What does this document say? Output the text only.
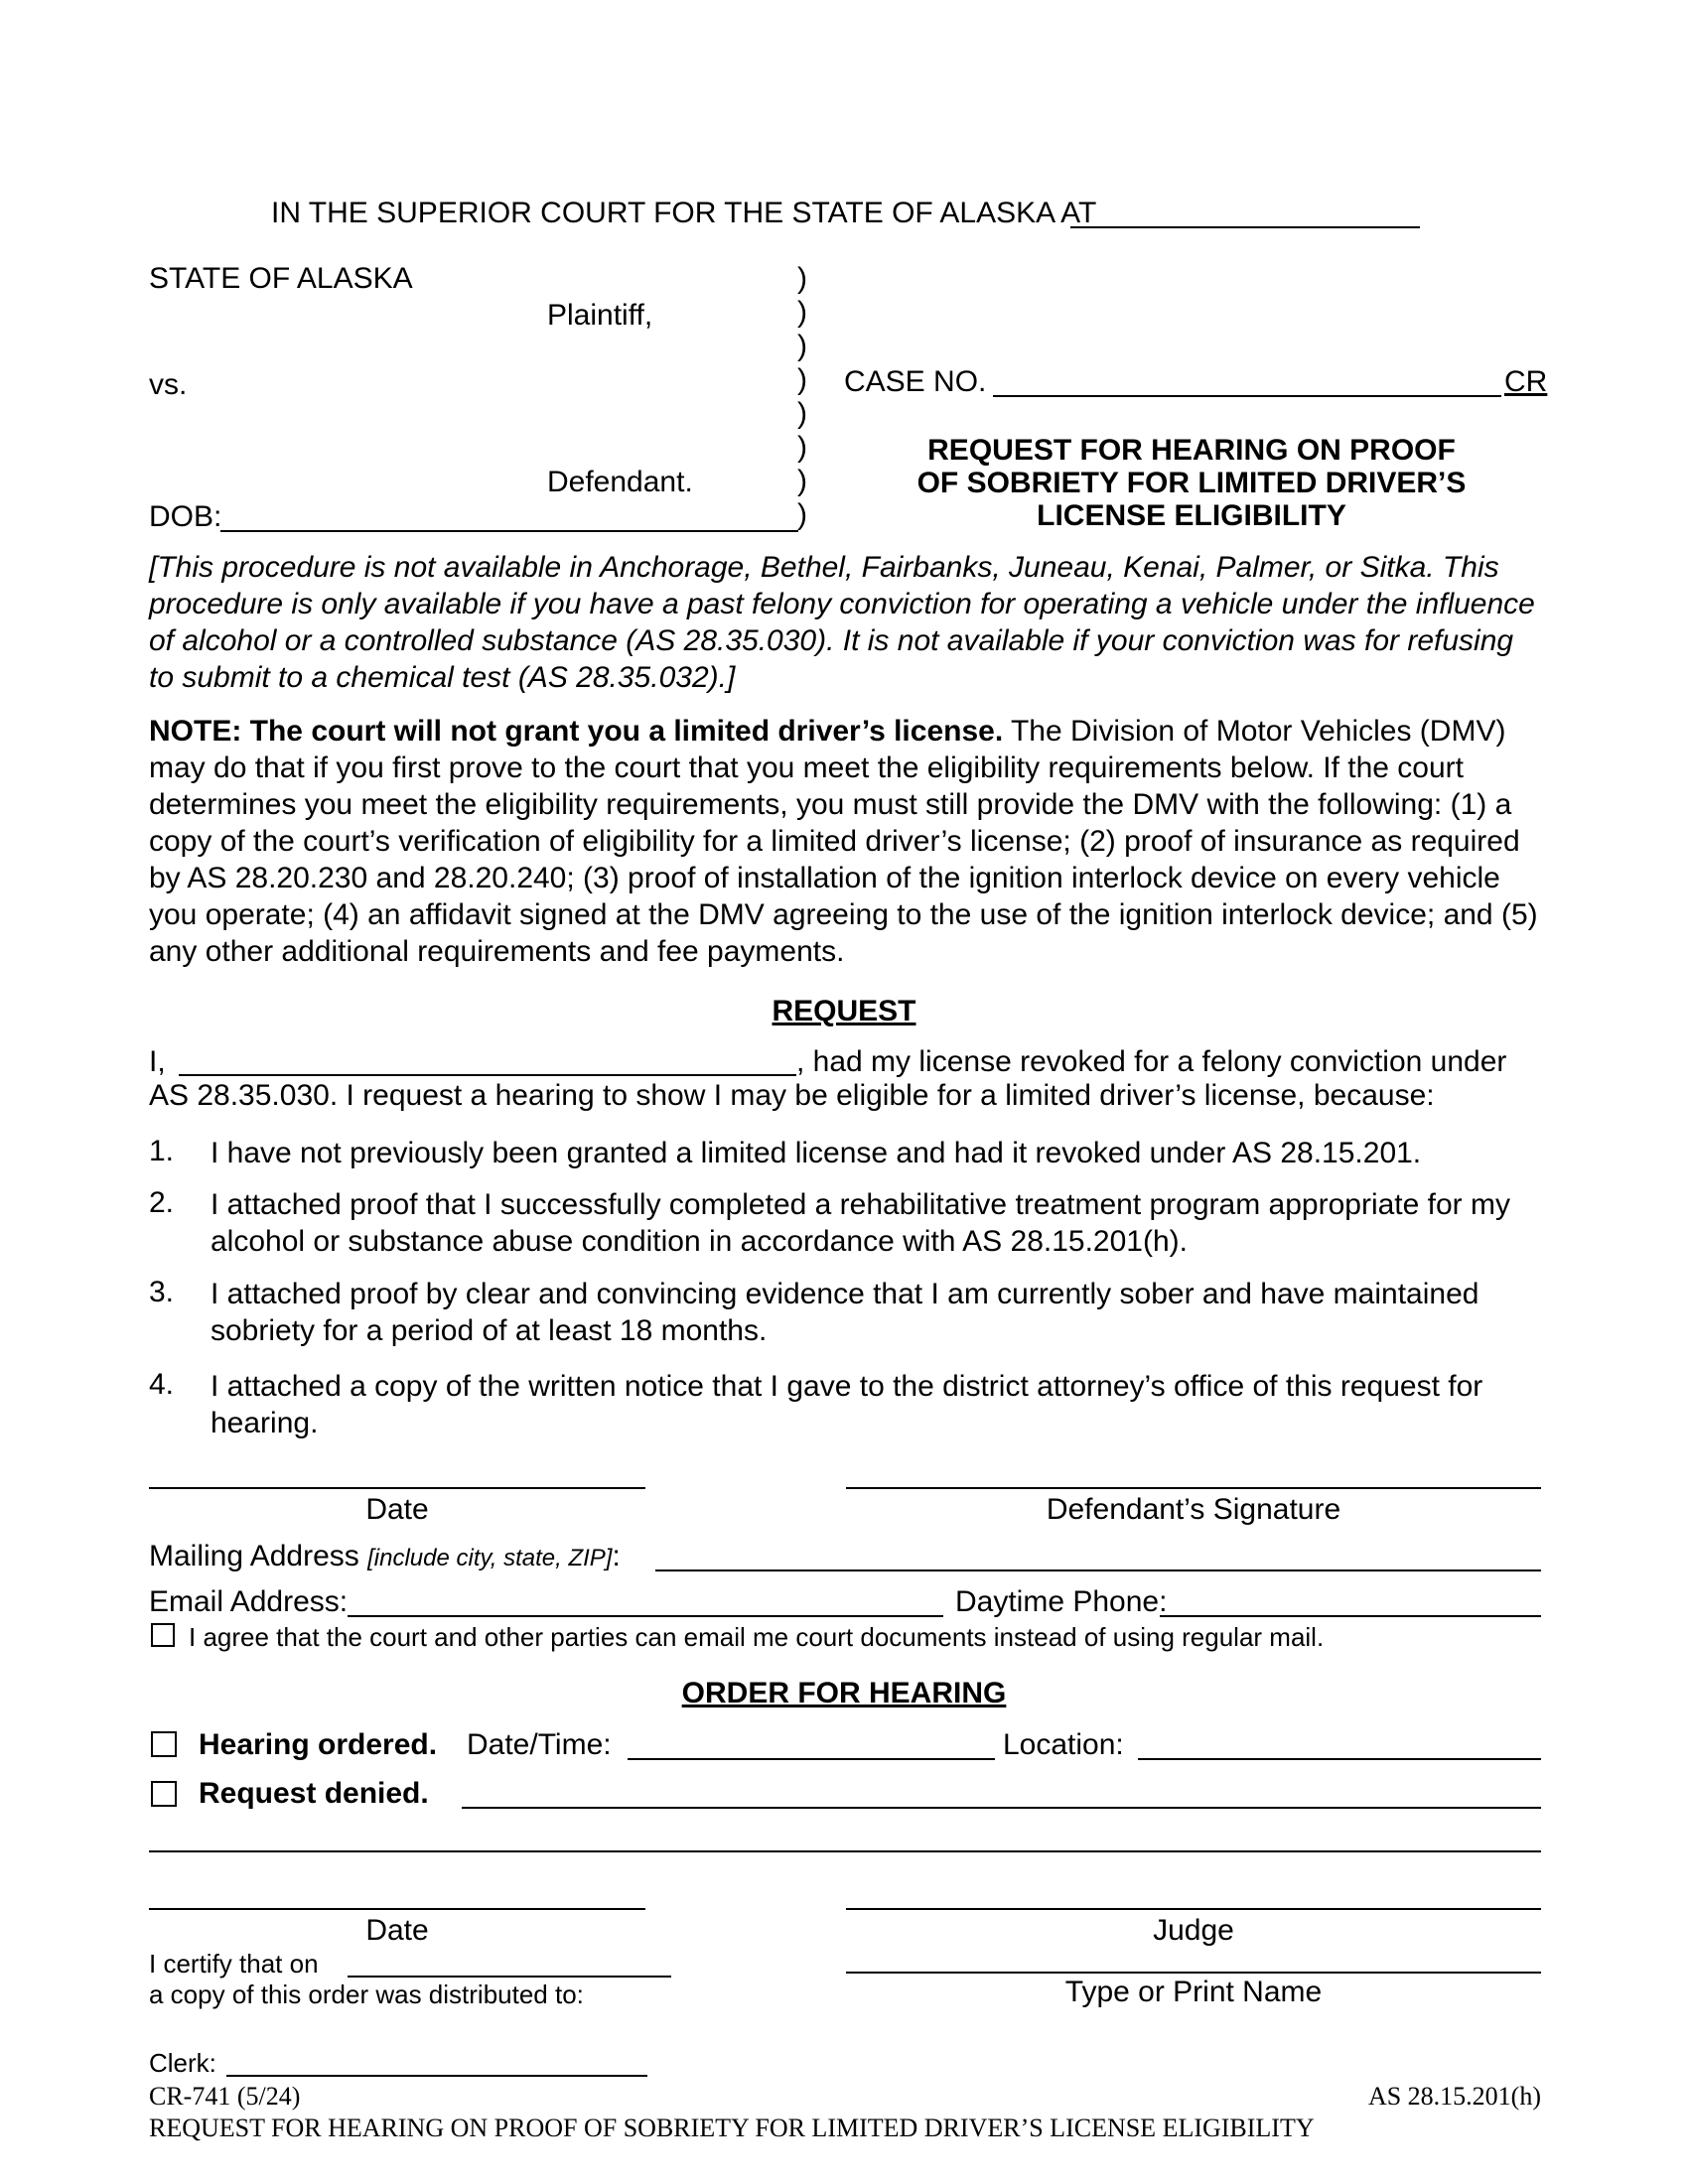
IN THE SUPERIOR COURT FOR THE STATE OF ALASKA AT
STATE OF ALASKA
Plaintiff,
vs.
Defendant.
DOB:
)
)
)
)
)
)
)
)
CASE NO.	CR
REQUEST FOR HEARING ON PROOF
OF SOBRIETY FOR LIMITED DRIVER’S
LICENSE ELIGIBILITY
[This procedure is not available in Anchorage, Bethel, Fairbanks, Juneau, Kenai, Palmer, or Sitka. This procedure is only available if you have a past felony conviction for operating a vehicle under the influence of alcohol or a controlled substance (AS 28.35.030). It is not available if your conviction was for refusing to submit to a chemical test (AS 28.35.032).]
NOTE: The court will not grant you a limited driver’s license. The Division of Motor Vehicles (DMV) may do that if you first prove to the court that you meet the eligibility requirements below. If the court determines you meet the eligibility requirements, you must still provide the DMV with the following: (1) a copy of the court’s verification of eligibility for a limited driver’s license; (2) proof of insurance as required by AS 28.20.230 and 28.20.240; (3) proof of installation of the ignition interlock device on every vehicle you operate; (4) an affidavit signed at the DMV agreeing to the use of the ignition interlock device; and (5) any other additional requirements and fee payments.
REQUEST
I,	, had my license revoked for a felony conviction under
AS 28.35.030. I request a hearing to show I may be eligible for a limited driver’s license, because:
1.	I have not previously been granted a limited license and had it revoked under AS 28.15.201.
2.	I attached proof that I successfully completed a rehabilitative treatment program appropriate for my alcohol or substance abuse condition in accordance with AS 28.15.201(h).
3.	I attached proof by clear and convincing evidence that I am currently sober and have maintained sobriety for a period of at least 18 months.
4.	I attached a copy of the written notice that I gave to the district attorney’s office of this request for hearing.
Date	Defendant’s Signature
Mailing Address [include city, state, ZIP]:
Email Address:	Daytime Phone:
I agree that the court and other parties can email me court documents instead of using regular mail.
ORDER FOR HEARING
Hearing ordered. Date/Time:	Location:
Request denied.
Date	Judge
I certify that on
a copy of this order was distributed to:	Type or Print Name
Clerk:
CR-741 (5/24)	AS 28.15.201(h)
REQUEST FOR HEARING ON PROOF OF SOBRIETY FOR LIMITED DRIVER’S LICENSE ELIGIBILITY
